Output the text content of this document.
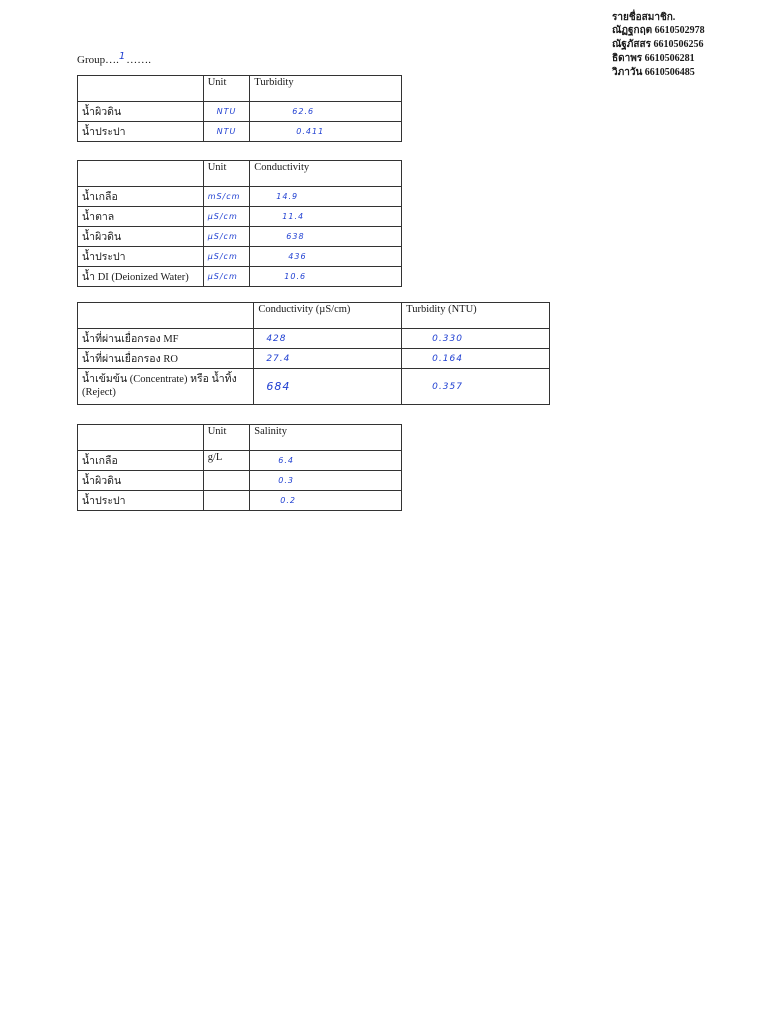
รายชื่อสมาชิก.
ณัฏฐกฤต 6610502978
ณัฐภัสสร 6610506256
ธิดาพร 6610506281
วิภาวัน 6610506485
Group….1…….
	Unit	Turbidity
น้ำผิวดิน	NTU	62.6

น้ำประปา	NTU	0.411
	Unit	Conductivity
น้ำเกลือ	mS/cm	14.9

น้ำตาล	µS/cm	11.4

น้ำผิวดิน	µS/cm	638

น้ำประปา	µS/cm	436

น้ำ DI (Deionized Water)	µS/cm	10.6
	Conductivity (µS/cm)	Turbidity (NTU)
น้ำที่ผ่านเยื่อกรอง MF	428	0.330

น้ำที่ผ่านเยื่อกรอง RO	27.4	0.164

น้ำเข้มข้น (Concentrate) หรือ น้ำทิ้ง (Reject)	684	0.357
	Unit	Salinity
น้ำเกลือ	g/L	6.4

น้ำผิวดิน		0.3

น้ำประปา		0.2
